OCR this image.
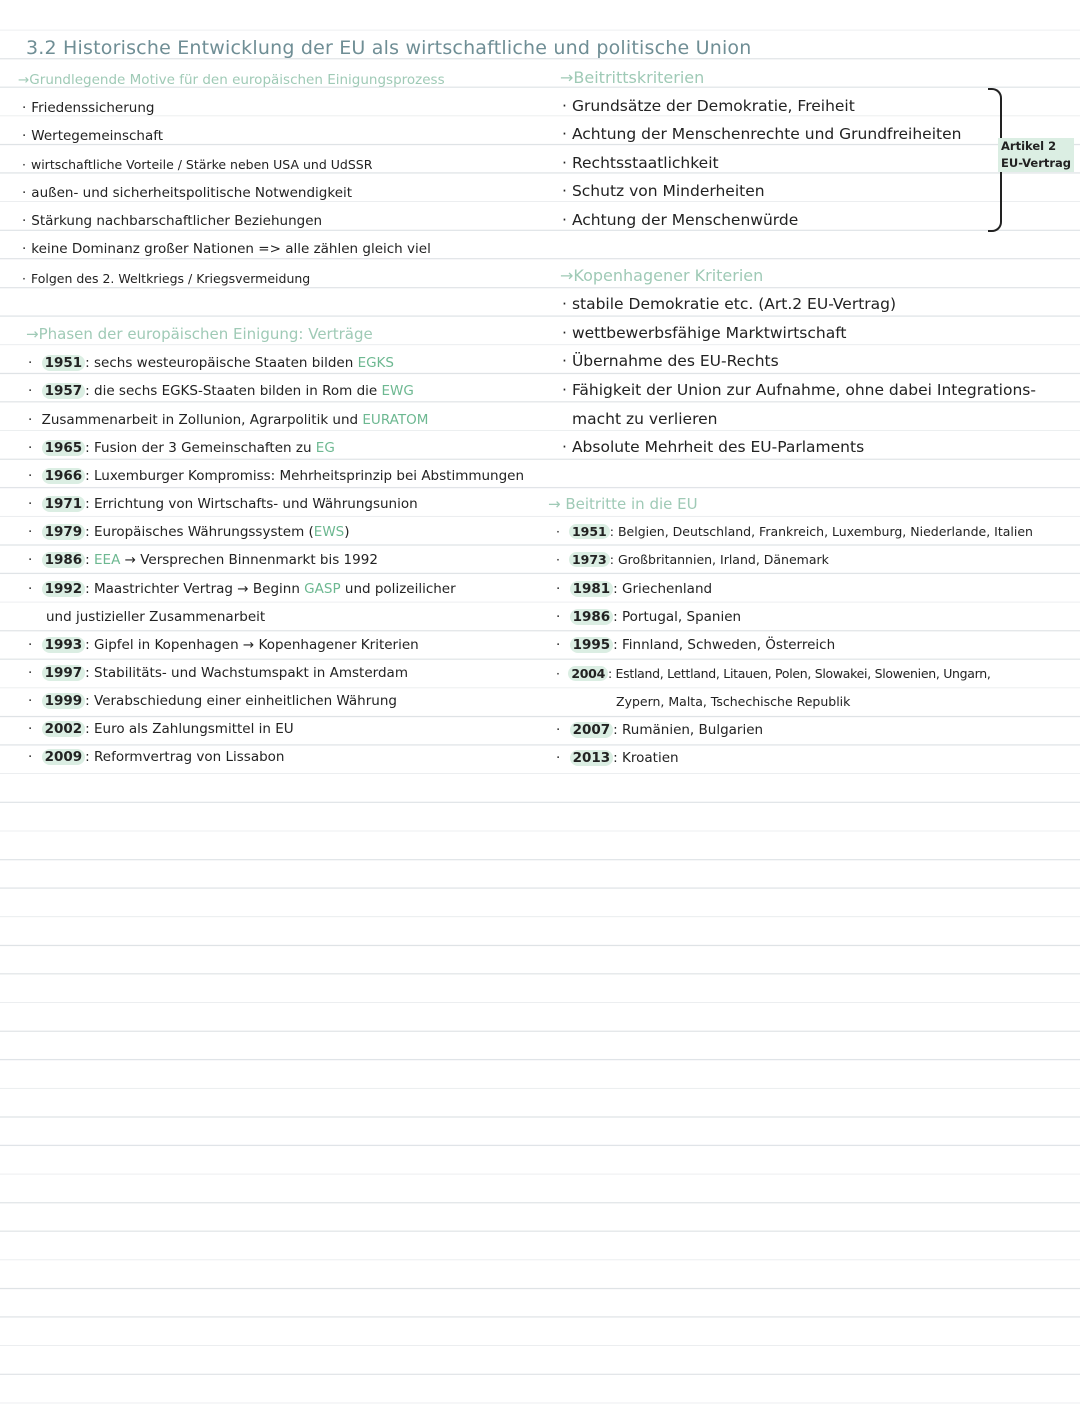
3.2 Historische Entwicklung der EU als wirtschaftliche und politische Union
→Grundlegende Motive für den europäischen Einigungsprozess
· Friedenssicherung
· Wertegemeinschaft
· wirtschaftliche Vorteile / Stärke neben USA und UdSSR
· außen- und sicherheitspolitische Notwendigkeit
· Stärkung nachbarschaftlicher Beziehungen
· keine Dominanz großer Nationen => alle zählen gleich viel
· Folgen des 2. Weltkriegs / Kriegsvermeidung
→Beitrittskriterien
· Grundsätze der Demokratie, Freiheit
· Achtung der Menschenrechte und Grundfreiheiten
· Rechtsstaatlichkeit
· Schutz von Minderheiten
· Achtung der Menschenwürde
Artikel 2
EU-Vertrag
→Kopenhagener Kriterien
· stabile Demokratie etc. (Art.2 EU-Vertrag)
· wettbewerbsfähige Marktwirtschaft
· Übernahme des EU-Rechts
· Fähigkeit der Union zur Aufnahme, ohne dabei Integrations-
macht zu verlieren
· Absolute Mehrheit des EU-Parlaments
→Phasen der europäischen Einigung: Verträge
· 1951 : sechs westeuropäische Staaten bilden EGKS
· 1957 : die sechs EGKS-Staaten bilden in Rom die EWG
· Zusammenarbeit in Zollunion, Agrarpolitik und EURATOM
· 1965 : Fusion der 3 Gemeinschaften zu EG
· 1966 : Luxemburger Kompromiss: Mehrheitsprinzip bei Abstimmungen
· 1971 : Errichtung von Wirtschafts- und Währungsunion
· 1979 : Europäisches Währungssystem (EWS)
· 1986 : EEA → Versprechen Binnenmarkt bis 1992
· 1992 : Maastrichter Vertrag → Beginn GASP und polizeilicher
und justizieller Zusammenarbeit
· 1993 : Gipfel in Kopenhagen → Kopenhagener Kriterien
· 1997 : Stabilitäts- und Wachstumspakt in Amsterdam
· 1999 : Verabschiedung einer einheitlichen Währung
· 2002 : Euro als Zahlungsmittel in EU
· 2009 : Reformvertrag von Lissabon
→ Beitritte in die EU
· 1951 : Belgien, Deutschland, Frankreich, Luxemburg, Niederlande, Italien
· 1973 : Großbritannien, Irland, Dänemark
· 1981 : Griechenland
· 1986 : Portugal, Spanien
· 1995 : Finnland, Schweden, Österreich
· 2004 : Estland, Lettland, Litauen, Polen, Slowakei, Slowenien, Ungarn,
Zypern, Malta, Tschechische Republik
· 2007 : Rumänien, Bulgarien
· 2013 : Kroatien
